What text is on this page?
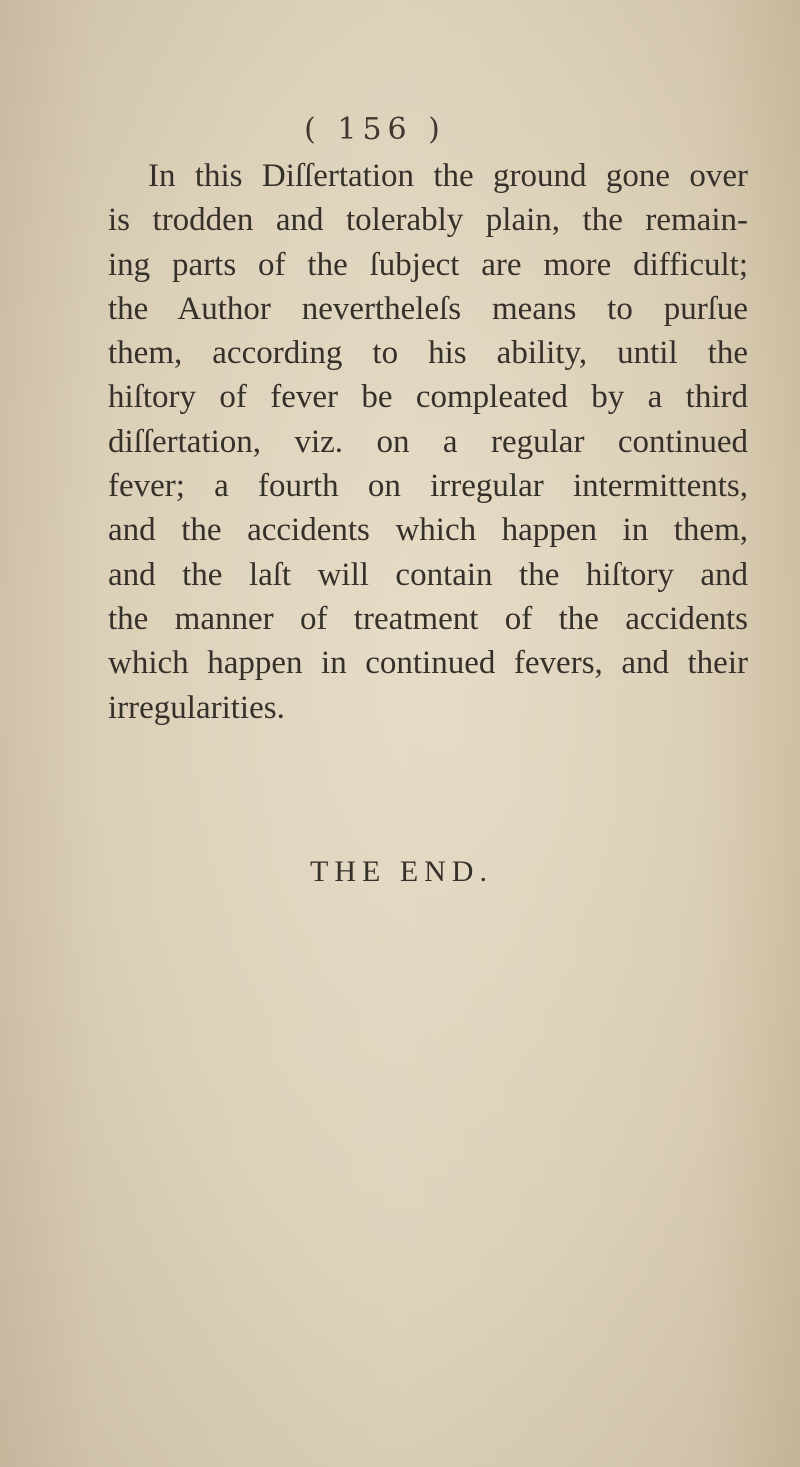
( 156 )

In this Diſſertation the ground gone over
is trodden and tolerably plain, the remain-
ing parts of the ſubject are more difficult;
the Author nevertheleſs means to purſue
them, according to his ability, until the
hiſtory of fever be compleated by a third
diſſertation, viz. on a regular continued
fever; a fourth on irregular intermittents,
and the accidents which happen in them,
and the laſt will contain the hiſtory and
the manner of treatment of the accidents
which happen in continued fevers, and their
irregularities.

THE END.
